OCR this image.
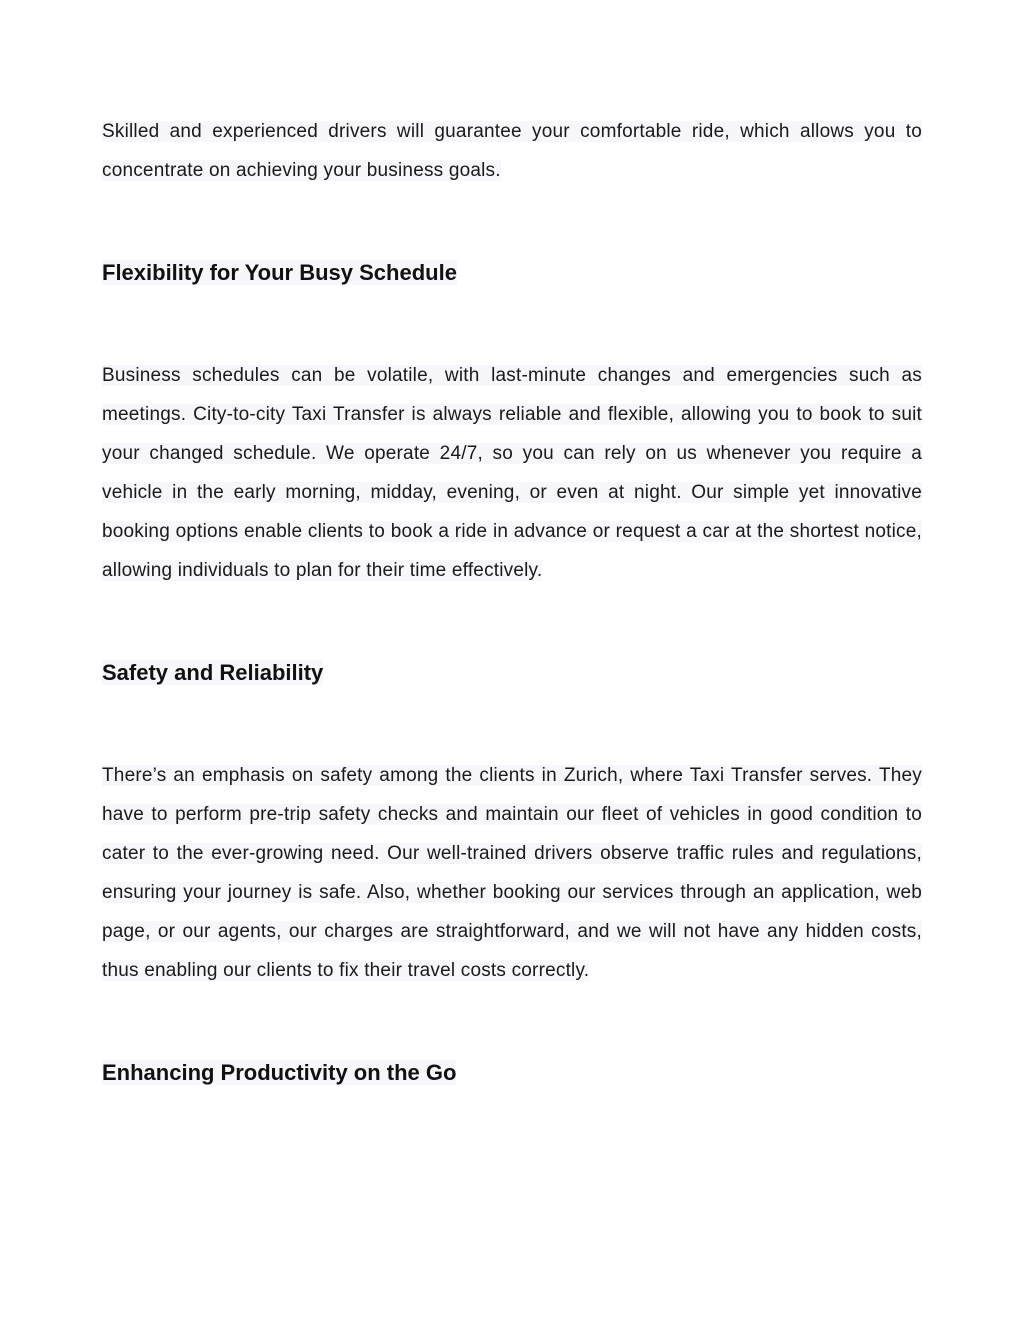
Skilled and experienced drivers will guarantee your comfortable ride, which allows you to concentrate on achieving your business goals.

Flexibility for Your Busy Schedule

Business schedules can be volatile, with last-minute changes and emergencies such as meetings. City-to-city Taxi Transfer is always reliable and flexible, allowing you to book to suit your changed schedule. We operate 24/7, so you can rely on us whenever you require a vehicle in the early morning, midday, evening, or even at night. Our simple yet innovative booking options enable clients to book a ride in advance or request a car at the shortest notice, allowing individuals to plan for their time effectively.

Safety and Reliability

There’s an emphasis on safety among the clients in Zurich, where Taxi Transfer serves. They have to perform pre-trip safety checks and maintain our fleet of vehicles in good condition to cater to the ever-growing need. Our well-trained drivers observe traffic rules and regulations, ensuring your journey is safe. Also, whether booking our services through an application, web page, or our agents, our charges are straightforward, and we will not have any hidden costs, thus enabling our clients to fix their travel costs correctly.

Enhancing Productivity on the Go
